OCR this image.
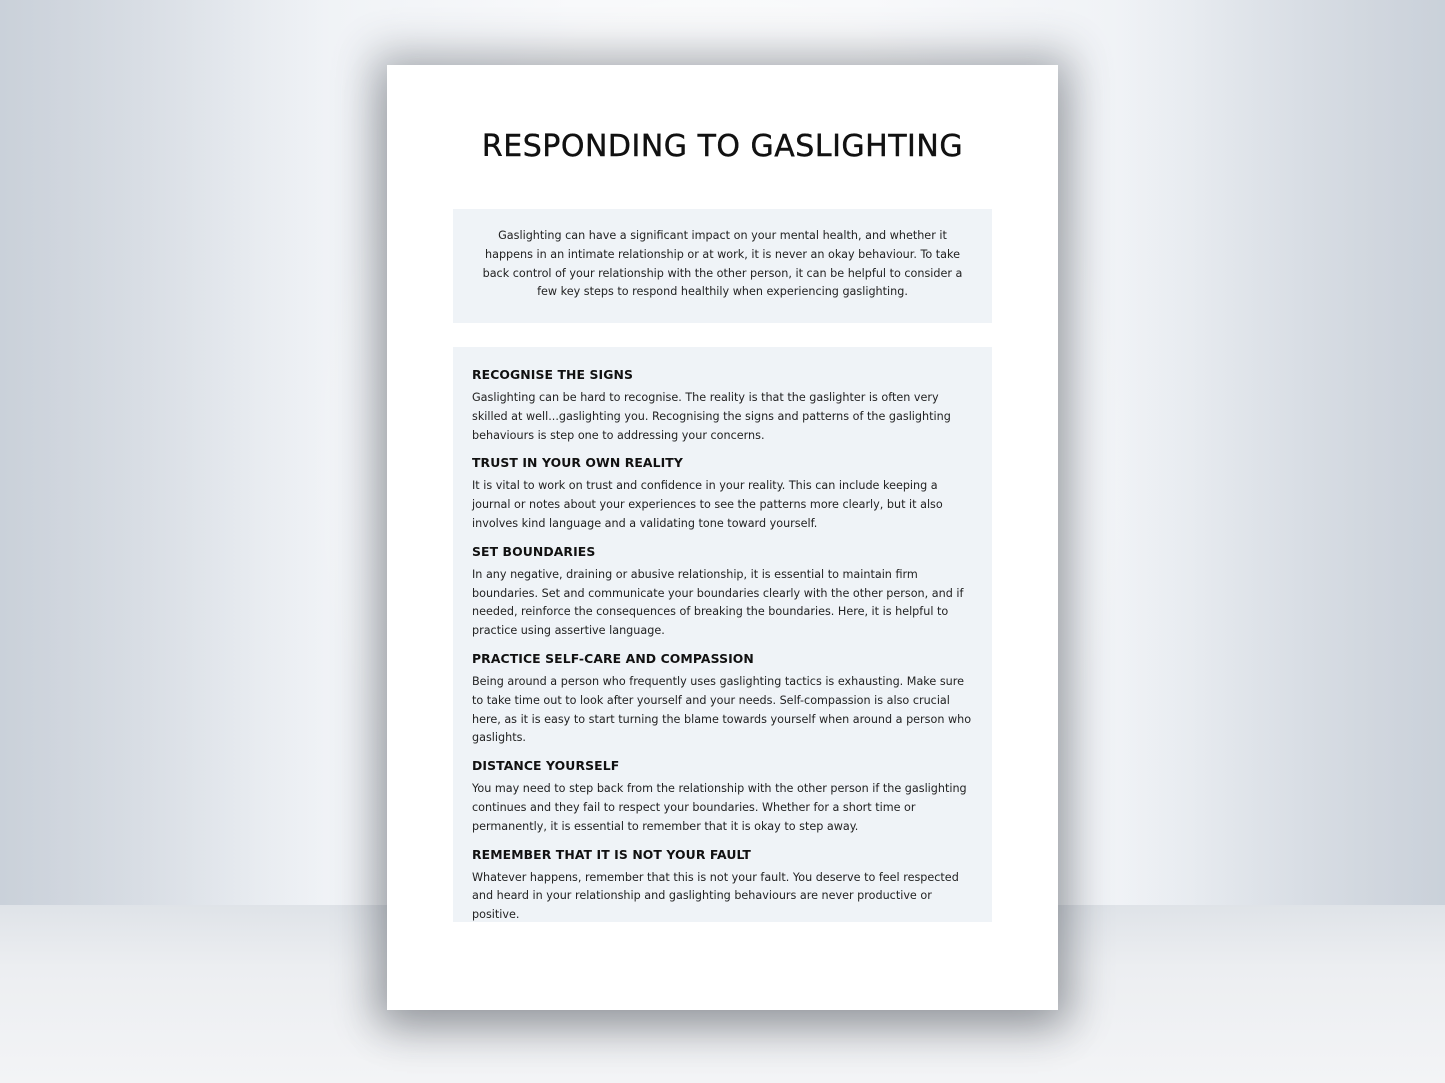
RESPONDING TO GASLIGHTING

Gaslighting can have a significant impact on your mental health, and whether it happens in an intimate relationship or at work, it is never an okay behaviour. To take back control of your relationship with the other person, it can be helpful to consider a few key steps to respond healthily when experiencing gaslighting.

RECOGNISE THE SIGNS

Gaslighting can be hard to recognise. The reality is that the gaslighter is often very skilled at well...gaslighting you. Recognising the signs and patterns of the gaslighting behaviours is step one to addressing your concerns.

TRUST IN YOUR OWN REALITY

It is vital to work on trust and confidence in your reality. This can include keeping a journal or notes about your experiences to see the patterns more clearly, but it also involves kind language and a validating tone toward yourself.

SET BOUNDARIES

In any negative, draining or abusive relationship, it is essential to maintain firm boundaries. Set and communicate your boundaries clearly with the other person, and if needed, reinforce the consequences of breaking the boundaries. Here, it is helpful to practice using assertive language.

PRACTICE SELF-CARE AND COMPASSION

Being around a person who frequently uses gaslighting tactics is exhausting. Make sure to take time out to look after yourself and your needs. Self-compassion is also crucial here, as it is easy to start turning the blame towards yourself when around a person who gaslights.

DISTANCE YOURSELF

You may need to step back from the relationship with the other person if the gaslighting continues and they fail to respect your boundaries. Whether for a short time or permanently, it is essential to remember that it is okay to step away.

REMEMBER THAT IT IS NOT YOUR FAULT

Whatever happens, remember that this is not your fault. You deserve to feel respected and heard in your relationship and gaslighting behaviours are never productive or positive.
